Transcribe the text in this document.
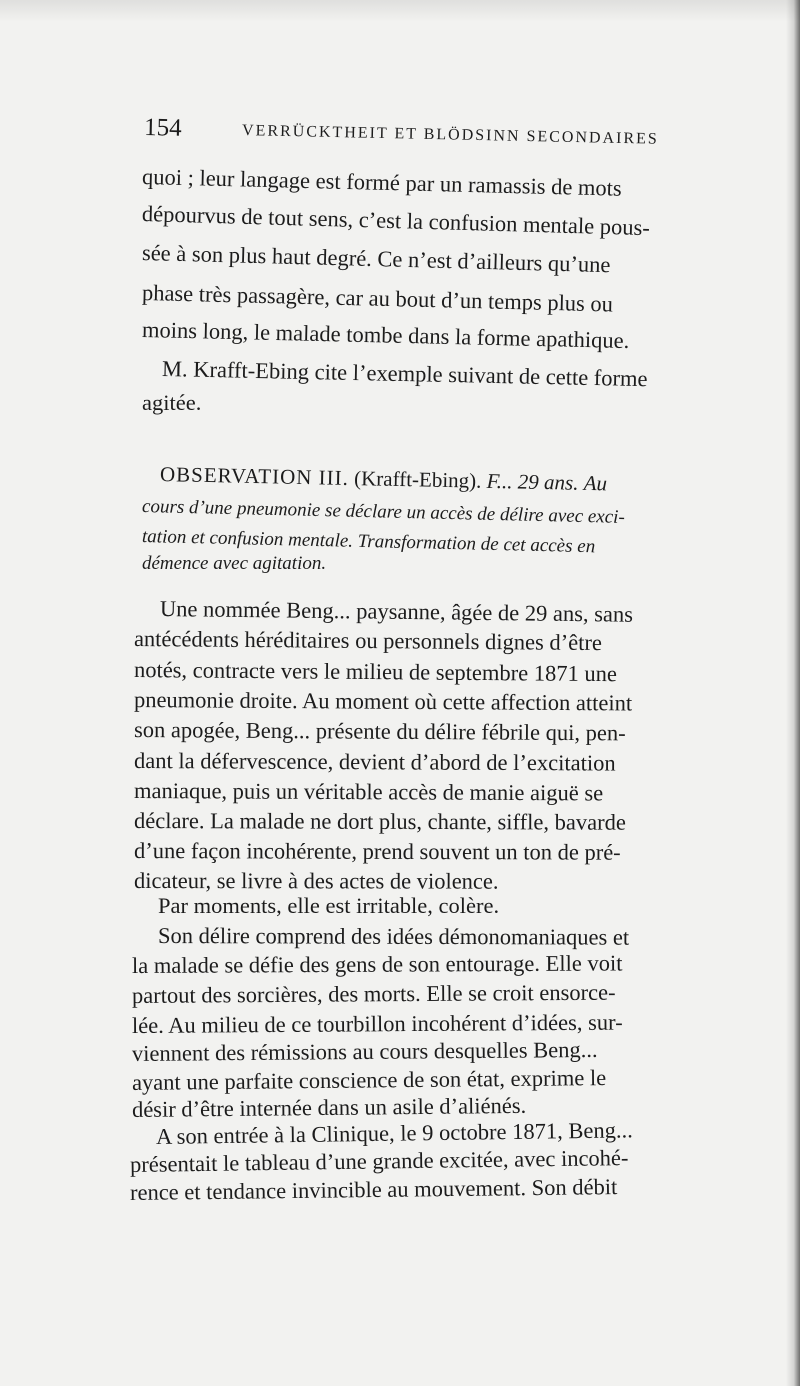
154	VERRÜCKTHEIT ET BLÖDSINN SECONDAIRES
quoi ; leur langage est formé par un ramassis de mots
dépourvus de tout sens, c’est la confusion mentale pous-
sée à son plus haut degré. Ce n’est d’ailleurs qu’une
phase très passagère, car au bout d’un temps plus ou
moins long, le malade tombe dans la forme apathique.
M. Krafft-Ebing cite l’exemple suivant de cette forme
agitée.
OBSERVATION III. (Krafft-Ebing). F... 29 ans. Au
cours d’une pneumonie se déclare un accès de délire avec exci-
tation et confusion mentale. Transformation de cet accès en
démence avec agitation.
Une nommée Beng... paysanne, âgée de 29 ans, sans
antécédents héréditaires ou personnels dignes d’être
notés, contracte vers le milieu de septembre 1871 une
pneumonie droite. Au moment où cette affection atteint
son apogée, Beng... présente du délire fébrile qui, pen-
dant la défervescence, devient d’abord de l’excitation
maniaque, puis un véritable accès de manie aiguë se
déclare. La malade ne dort plus, chante, siffle, bavarde
d’une façon incohérente, prend souvent un ton de pré-
dicateur, se livre à des actes de violence.
Par moments, elle est irritable, colère.
Son délire comprend des idées démonomaniaques et
la malade se défie des gens de son entourage. Elle voit
partout des sorcières, des morts. Elle se croit ensorce-
lée. Au milieu de ce tourbillon incohérent d’idées, sur-
viennent des rémissions au cours desquelles Beng...
ayant une parfaite conscience de son état, exprime le
désir d’être internée dans un asile d’aliénés.
A son entrée à la Clinique, le 9 octobre 1871, Beng...
présentait le tableau d’une grande excitée, avec incohé-
rence et tendance invincible au mouvement. Son débit
